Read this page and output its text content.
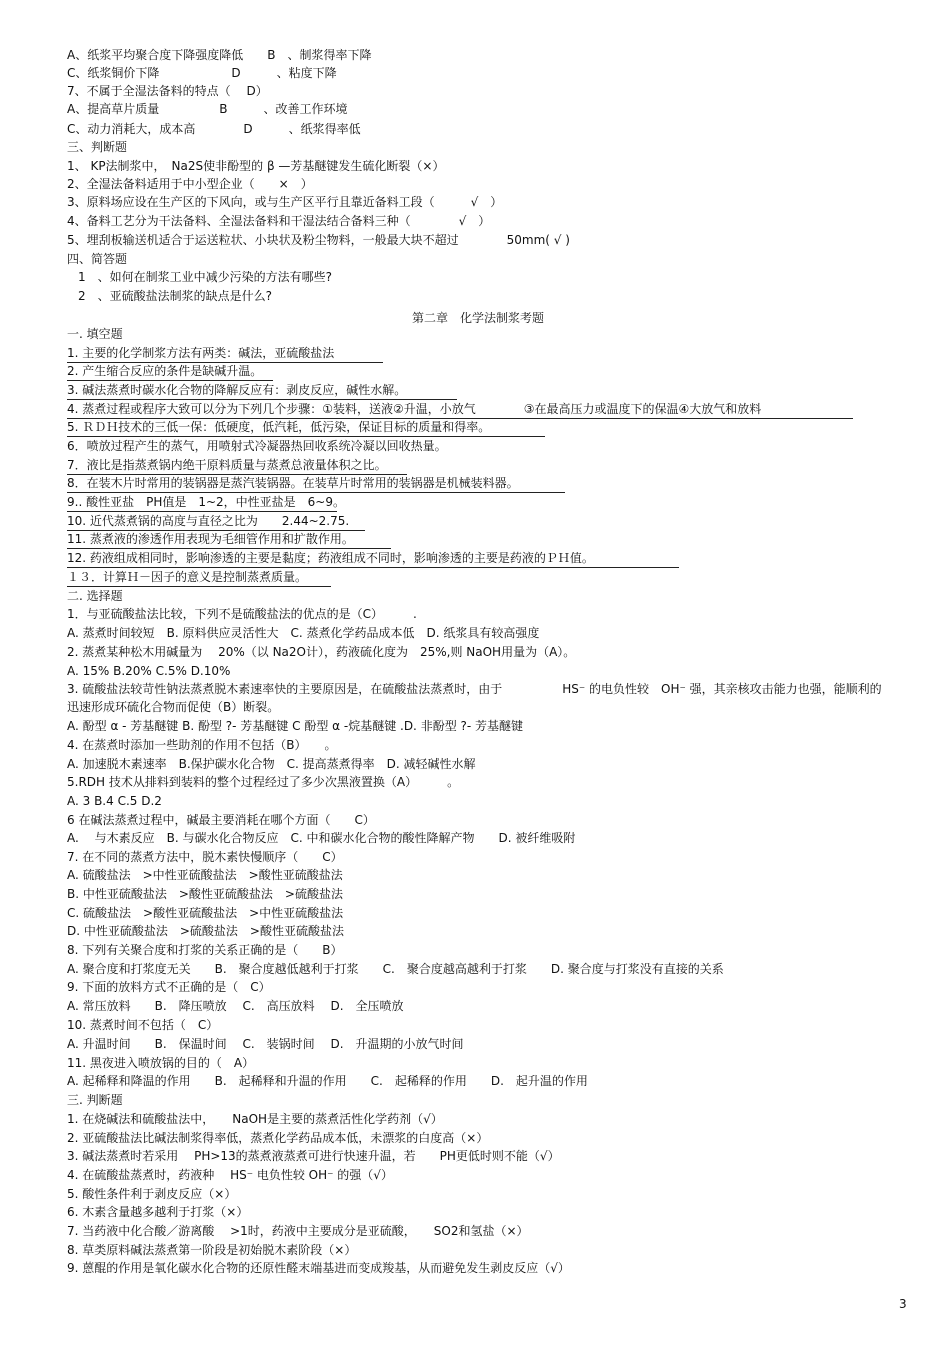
A、纸浆平均聚合度下降强度降低　　B　、制浆得率下降
C、纸浆铜价下降　　　　　　D　　　、粘度下降
7、不属于全湿法备料的特点（　 D）
A、提高草片质量　　　　　B　　　、改善工作环境
C、动力消耗大，成本高　　　　D　　　、纸浆得率低
三、判断题
1、 KP法制浆中，　Na2S使非酚型的 β —芳基醚键发生硫化断裂（×）
2、全湿法备料适用于中小型企业（　　×　）
3、原料场应设在生产区的下风向，或与生产区平行且靠近备料工段（　　　√　）
4、备料工艺分为干法备料、全湿法备料和干湿法结合备料三种（　　　　√　）
5、埋刮板输送机适合于运送粒状、小块状及粉尘物料，一般最大块不超过　　　　50mm( √ )
四、简答题
1　、如何在制浆工业中减少污染的方法有哪些?
2　、亚硫酸盐法制浆的缺点是什么?
第二章　化学法制浆考题
一. 填空题
1. 主要的化学制浆方法有两类：碱法，亚硫酸盐法
2. 产生缩合反应的条件是缺碱升温。
3. 碱法蒸煮时碳水化合物的降解反应有：剥皮反应，碱性水解。
4. 蒸煮过程或程序大致可以分为下列几个步骤：①装料，送液②升温，小放气　　　　③在最高压力或温度下的保温④大放气和放料
5. ＲＤＨ技术的三低一保：低硬度，低汽耗，低污染，保证目标的质量和得率。
6．喷放过程产生的蒸气，用喷射式冷凝器热回收系统冷凝以回收热量。
7．液比是指蒸煮锅内绝干原料质量与蒸煮总液量体积之比。
8．在装木片时常用的装锅器是蒸汽装锅器。在装草片时常用的装锅器是机械装料器。
9.. 酸性亚盐　PH值是　1~2，中性亚盐是　6~9。
10. 近代蒸煮锅的高度与直径之比为　　2.44~2.75.
11. 蒸煮液的渗透作用表现为毛细管作用和扩散作用。
12. 药液组成相同时，影响渗透的主要是黏度；药液组成不同时，影响渗透的主要是药液的ＰＨ值。
１３．计算Ｈ－因子的意义是控制蒸煮质量。
二. 选择题
1．与亚硫酸盐法比较，下列不是硫酸盐法的优点的是（C）　　　.
A. 蒸煮时间较短　B. 原料供应灵活性大　C. 蒸煮化学药品成本低　D. 纸浆具有较高强度
2. 蒸煮某种松木用碱量为　 20%（以 Na2O计），药液硫化度为　25%,则 NaOH用量为（A）。
A. 15% B.20% C.5% D.10%
3. 硫酸盐法较苛性钠法蒸煮脱木素速率快的主要原因是，在硫酸盐法蒸煮时，由于　　　　　HS⁻ 的电负性较　OH⁻ 强，其亲核攻击能力也强，能顺利的迅速形成环硫化合物而促使（B）断裂。
A. 酚型 α - 芳基醚键 B. 酚型 ?- 芳基醚键 C 酚型 α -烷基醚键 .D. 非酚型 ?- 芳基醚键
4. 在蒸煮时添加一些助剂的作用不包括（B）　　。
A. 加速脱木素速率　B.保护碳水化合物　C. 提高蒸煮得率　D. 减轻碱性水解
5.RDH 技术从排料到装料的整个过程经过了多少次黑液置换（A）　　　。
A. 3 B.4 C.5 D.2
6 在碱法蒸煮过程中，碱最主要消耗在哪个方面（　　C）
A.　 与木素反应　B. 与碳水化合物反应　C. 中和碳水化合物的酸性降解产物　　D. 被纤维吸附
7. 在不同的蒸煮方法中，脱木素快慢顺序（　　C）
A. 硫酸盐法　>中性亚硫酸盐法　>酸性亚硫酸盐法
B. 中性亚硫酸盐法　>酸性亚硫酸盐法　>硫酸盐法
C. 硫酸盐法　>酸性亚硫酸盐法　>中性亚硫酸盐法
D. 中性亚硫酸盐法　>硫酸盐法　>酸性亚硫酸盐法
8. 下列有关聚合度和打浆的关系正确的是（　　B）
A. 聚合度和打浆度无关　　B.　聚合度越低越利于打浆　　C.　聚合度越高越利于打浆　　D. 聚合度与打浆没有直接的关系
9. 下面的放料方式不正确的是（　C）
A. 常压放料　　B.　降压喷放　 C.　高压放料　 D.　全压喷放
10. 蒸煮时间不包括（　C）
A. 升温时间　　B.　保温时间　 C.　装锅时间　 D.　升温期的小放气时间
11. 黑夜进入喷放锅的目的（　A）
A. 起稀释和降温的作用　　B.　起稀释和升温的作用　　C.　起稀释的作用　　D.　起升温的作用
三. 判断题
1. 在烧碱法和硫酸盐法中，　　NaOH是主要的蒸煮活性化学药剂（√）
2. 亚硫酸盐法比碱法制浆得率低，蒸煮化学药品成本低，未漂浆的白度高（×）
3. 碱法蒸煮时若采用　 PH>13的蒸煮液蒸煮可进行快速升温，若　　PH更低时则不能（√）
4. 在硫酸盐蒸煮时，药液种　 HS⁻ 电负性较 OH⁻ 的强（√）
5. 酸性条件利于剥皮反应（×）
6. 木素含量越多越利于打浆（×）
7. 当药液中化合酸／游离酸　 >1时，药液中主要成分是亚硫酸，　　SO2和氢盐（×）
8. 草类原料碱法蒸煮第一阶段是初始脱木素阶段（×）
9. 蒽醌的作用是氧化碳水化合物的还原性醛末端基进而变成羧基，从而避免发生剥皮反应（√）
3
